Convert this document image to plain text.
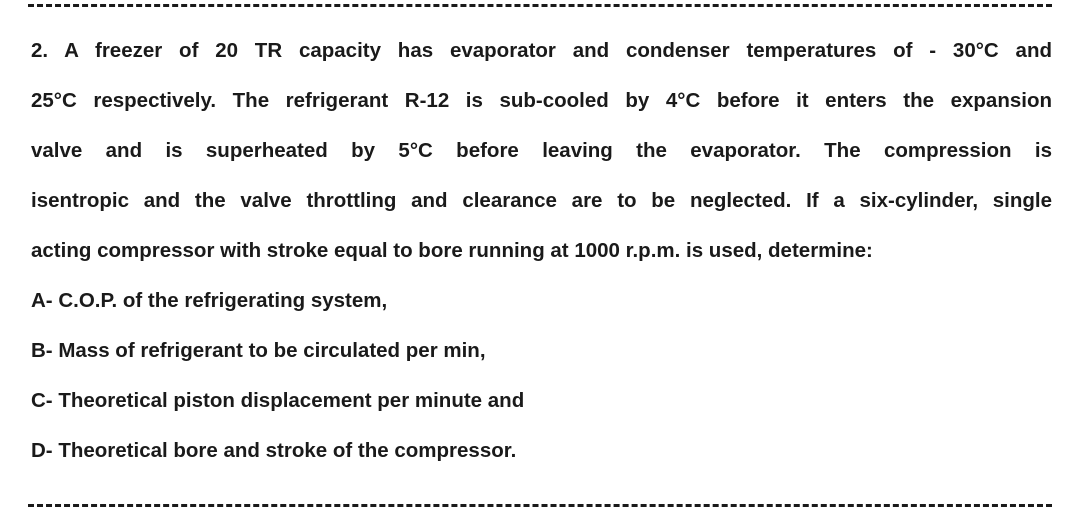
2. A freezer of 20 TR capacity has evaporator and condenser temperatures of - 30°C and
25°C respectively. The refrigerant R-12 is sub-cooled by 4°C before it enters the expansion
valve and is superheated by 5°C before leaving the evaporator. The compression is
isentropic and the valve throttling and clearance are to be neglected. If a six-cylinder, single
acting compressor with stroke equal to bore running at 1000 r.p.m. is used, determine:
A- C.O.P. of the refrigerating system,
B- Mass of refrigerant to be circulated per min,
C- Theoretical piston displacement per minute and
D- Theoretical bore and stroke of the compressor.
